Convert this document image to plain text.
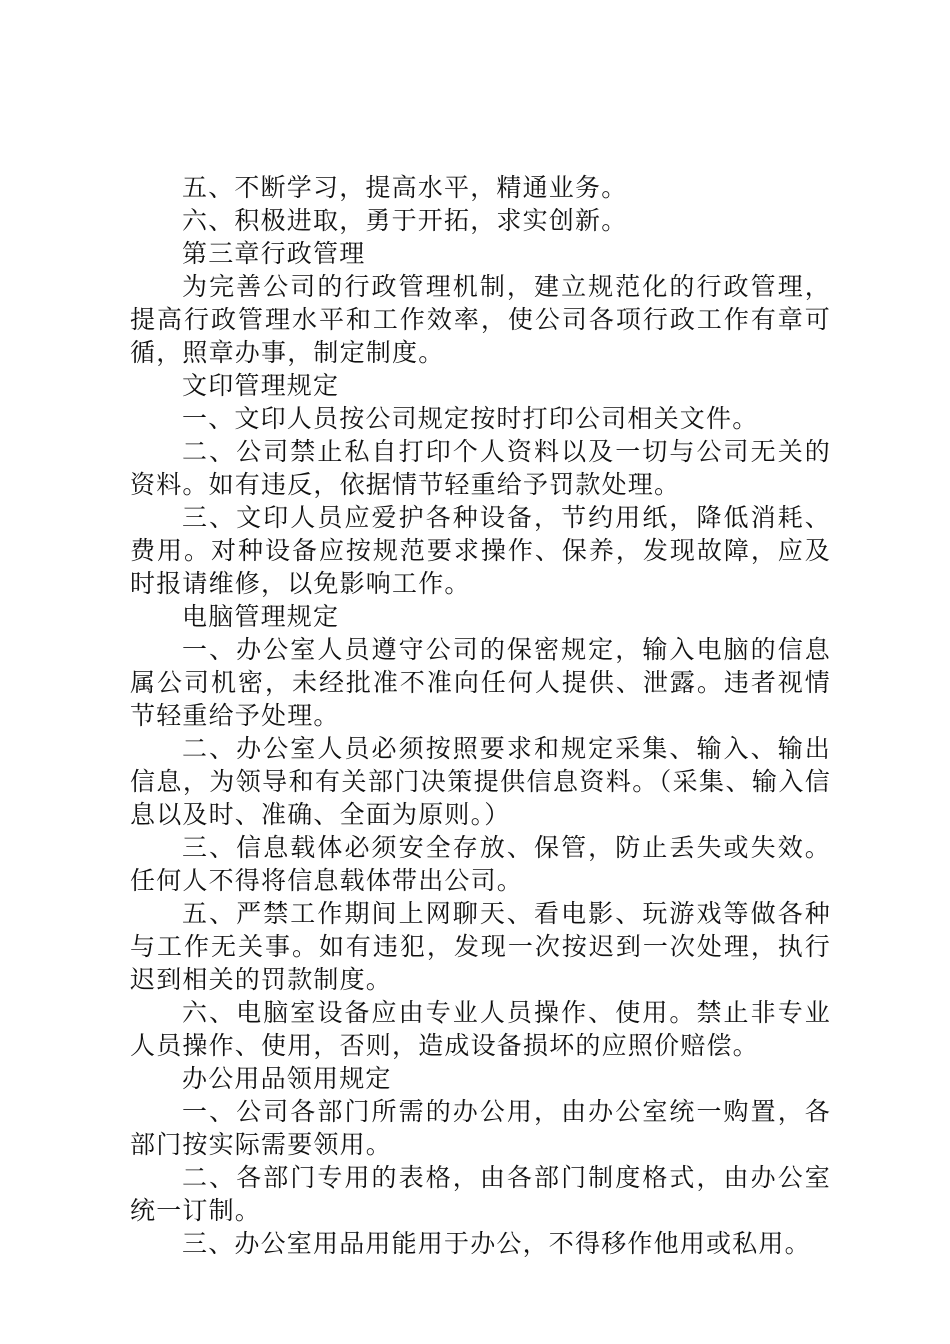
五、不断学习，提高水平，精通业务。

六、积极进取，勇于开拓，求实创新。

第三章行政管理

为完善公司的行政管理机制，建立规范化的行政管理，提高行政管理水平和工作效率，使公司各项行政工作有章可循，照章办事，制定制度。

文印管理规定

一、文印人员按公司规定按时打印公司相关文件。

二、公司禁止私自打印个人资料以及一切与公司无关的资料。如有违反，依据情节轻重给予罚款处理。

三、文印人员应爱护各种设备，节约用纸，降低消耗、费用。对种设备应按规范要求操作、保养，发现故障，应及时报请维修，以免影响工作。

电脑管理规定

一、办公室人员遵守公司的保密规定，输入电脑的信息属公司机密，未经批准不准向任何人提供、泄露。违者视情节轻重给予处理。

二、办公室人员必须按照要求和规定采集、输入、输出信息，为领导和有关部门决策提供信息资料。（采集、输入信息以及时、准确、全面为原则。）

三、信息载体必须安全存放、保管，防止丢失或失效。任何人不得将信息载体带出公司。

五、严禁工作期间上网聊天、看电影、玩游戏等做各种与工作无关事。如有违犯，发现一次按迟到一次处理，执行迟到相关的罚款制度。

六、电脑室设备应由专业人员操作、使用。禁止非专业人员操作、使用，否则，造成设备损坏的应照价赔偿。

办公用品领用规定

一、公司各部门所需的办公用，由办公室统一购置，各部门按实际需要领用。

二、各部门专用的表格，由各部门制度格式，由办公室统一订制。

三、办公室用品用能用于办公，不得移作他用或私用。
